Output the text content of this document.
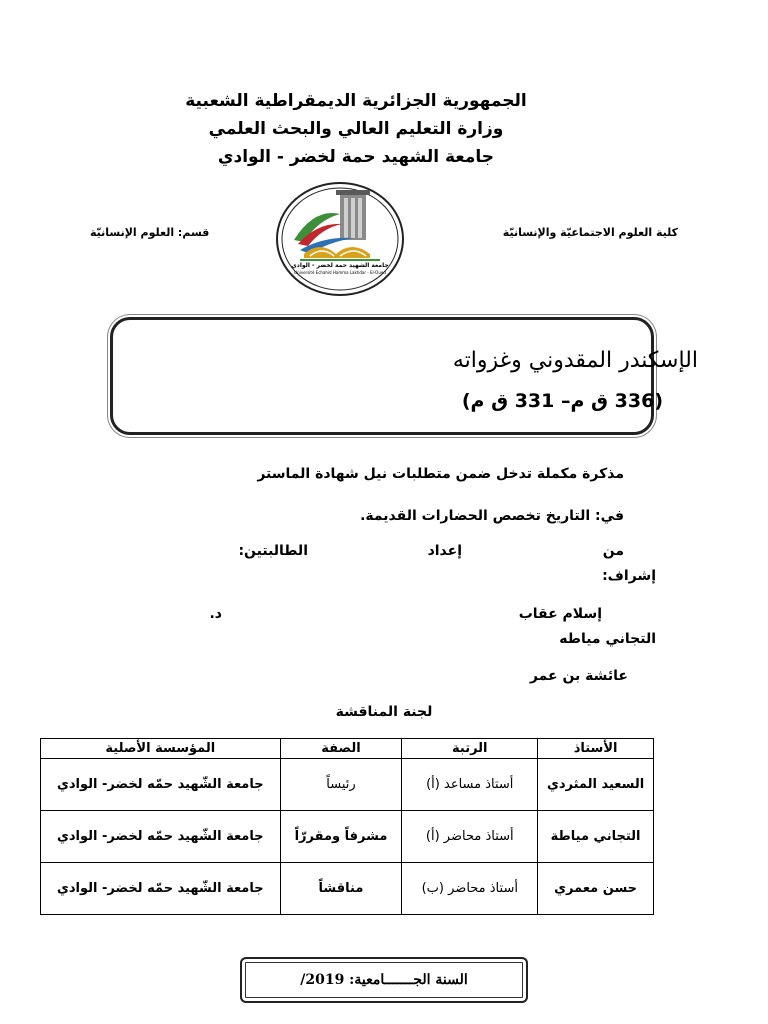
الجمهورية الجزائرية الديمقراطية الشعبية
وزارة التعليم العالي والبحث العلمي
جامعة الشهيد حمة لخضر - الوادي
كلية العلوم الاجتماعيّة والإنسانيّة
قسم: العلوم الإنسانيّة
جامعة الشهيد حمة لخضر - الوادي
Université Echahid Hamma Lakhdar - El-Oued
الإسكندر المقدوني وغزواته
(336 ق م– 331 ق م)
مذكرة مكملة تدخل ضمن متطلبات نيل شهادة الماستر
في: التاريخ تخصص الحضارات القديمة.
من
إعداد
الطالبتين:
إشراف:
إسلام عقاب
د.
التجاني مياطه
عائشة بن عمر
لجنة المناقشة
الأستاذ	الرتبة	الصفة	المؤسسة الأصلية
السعيد المثردي	أستاذ مساعد (أ)	رئيساً	جامعة الشّهيد حمّه لخضر- الوادي
التجاني مياطة	أستاذ محاضر (أ)	مشرفاً ومقررّاً	جامعة الشّهيد حمّه لخضر- الوادي
حسن معمري	أستاذ محاضر (ب)	مناقشاً	جامعة الشّهيد حمّه لخضر- الوادي
السنة الجـــــــامعية: 2019/
